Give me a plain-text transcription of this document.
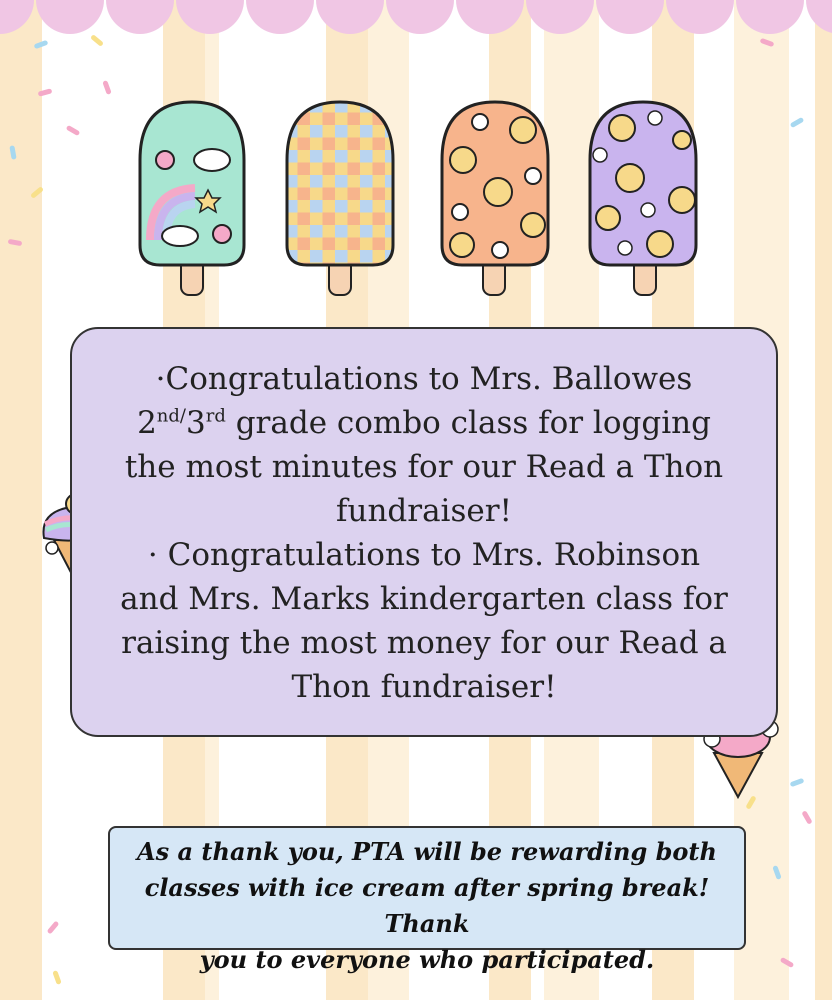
·Congratulations to Mrs. Ballowes

$2^{nd/}3rd$ grade combo class for logging

the most minutes for our Read a Thon

fundraiser!

· Congratulations to Mrs. Robinson

and Mrs. Marks kindergarten class for

raising the most money for our Read a

Thon fundraiser!

As a thank you, PTA will be rewarding both
classes with ice cream after spring break! Thank
you to everyone who participated.
